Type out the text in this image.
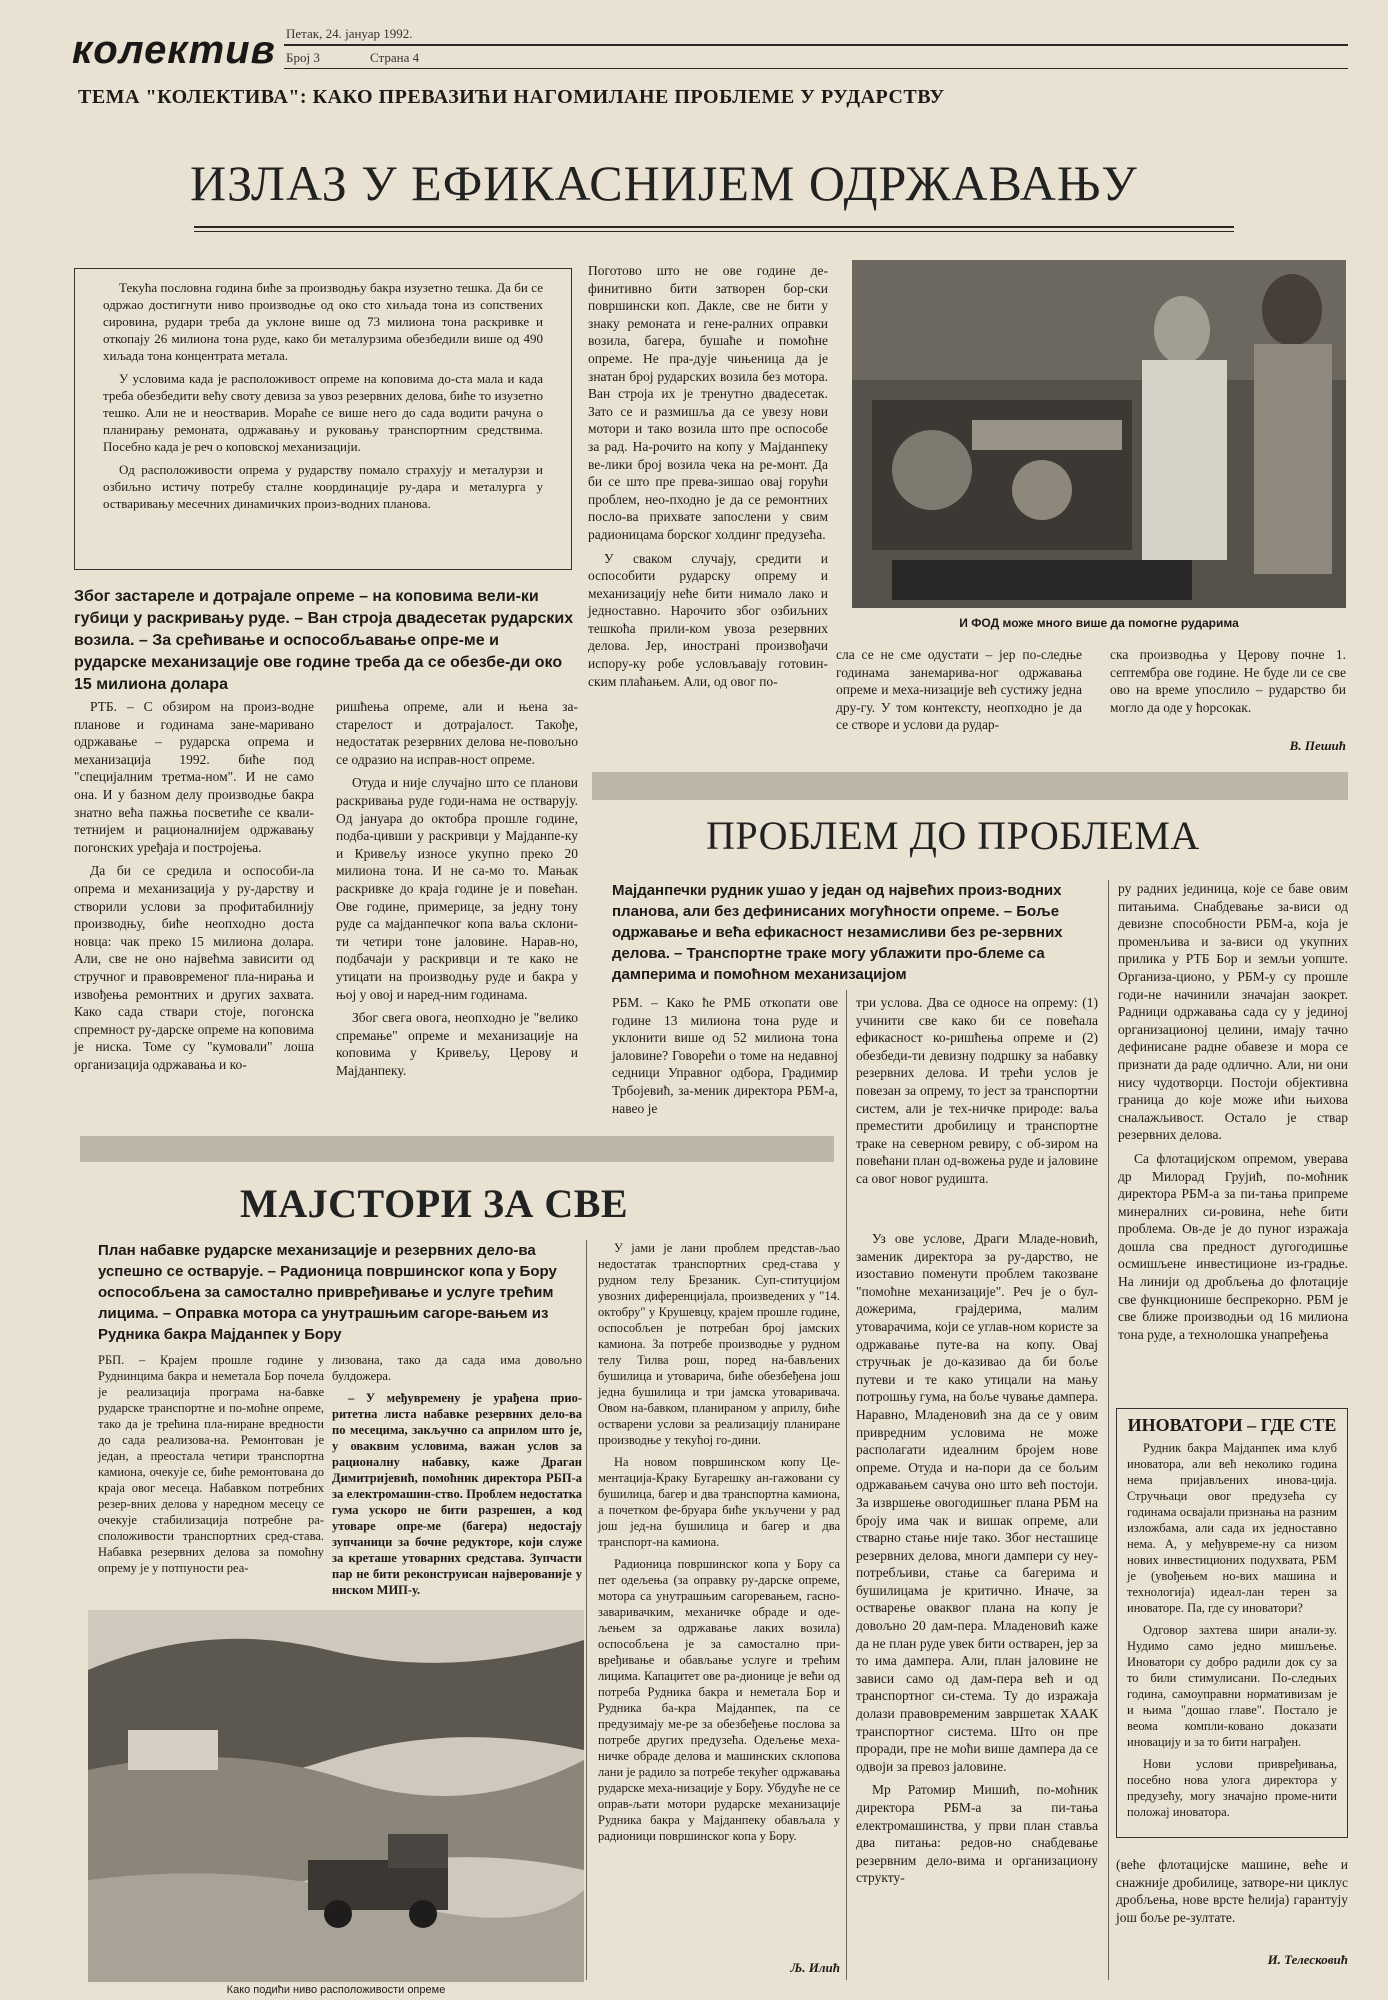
колектив Петак, 24. јануар 1992.
Број 3	Страна 4
ТЕМА "КОЛЕКТИВА": КАКО ПРЕВАЗИЋИ НАГОМИЛАНЕ ПРОБЛЕМЕ У РУДАРСТВУ
ИЗЛАЗ У ЕФИКАСНИЈЕМ ОДРЖАВАЊУ

Текућа пословна година биће за производњу бакра изузетно тешка. Да би се одржао достигнути ниво производње од око сто хиљада тона из сопствених сировина, рудари треба да уклоне више од 73 милиона тона раскривке и откопају 26 милиона тона руде, како би металурзима обезбедили више од 490 хиљада тона концентрата метала.

У условима када је расположивост опреме на коповима до-ста мала и када треба обезбедити већу своту девиза за увоз резервних делова, биће то изузетно тешко. Али не и неостварив. Мораће се више него до сада водити рачуна о планирању ремоната, одржавању и руковању транспортним средствима. Посебно када је реч о коповској механизацији.

Од расположивости опрема у рударству помало страхују и металурзи и озбиљно истичу потребу сталне координације ру-дара и металурга у остваривању месечних динамичких произ-водних планова.

Поготово што не ове године де-финитивно бити затворен бор-ски површински коп. Дакле, све не бити у знаку ремоната и гене-ралних оправки возила, багера, бушаће и помоћне опреме. Не пра-дује чињеница да је знатан број рударских возила без мотора. Ван строја их је тренутно двадесетак. Зато се и размишља да се увезу нови мотори и тако возила што пре оспособе за рад. На-рочито на копу у Мајданпеку ве-лики број возила чека на ре-монт. Да би се што пре прева-зишао овај горући проблем, нео-пходно је да се ремонтних посло-ва прихвате запослени у свим радионицама борског холдинг предузећа.

У сваком случају, средити и оспособити рударску опрему и механизацију неће бити нимало лако и једноставно. Нарочито због озбиљних тешкоћа прили-ком увоза резервних делова. Јер, иностранi произвођачи испору-ку робе условљавају готовин-ским плаћањем. Али, од овог по-

И ФОД може много више да помогне рударима
Због застареле и дотрајале опреме – на коповима вели-ки губици у раскривању руде. – Ван строја двадесетак рударских возила. – За срећивање и оспособљавање опре-ме и рударске механизације ове године треба да се обезбе-ди око 15 милиона долара

РТБ. – С обзиром на произ-водне планове и годинама зане-маривано одржавање – рударска опрема и механизација 1992. биће под "специјалним третма-ном". И не само она. И у базном делу производње бакра знатно већа пажња посветиће се квали-тетнијем и рационалнијем одржавању погонских уређаја и постројења.

Да би се средила и оспособи-ла опрема и механизација у ру-дарству и створили услови за профитабилнију производњу, биће неопходно доста новца: чак преко 15 милиона долара. Али, све не оно највећма зависити од стручног и правовременог пла-нирања и извођења ремонтних и других захвата. Како сада ствари стоје, погонска спремност ру-дарске опреме на коповима је ниска. Томе су "кумовали" лоша организација одржавања и ко-

ришћења опреме, али и њена за-старелост и дотрајалост. Такође, недостатак резервних делова не-повољно се одразио на исправ-ност опреме.

Отуда и није случајно што се планови раскривања руде годи-нама не остварују. Од јануара до октобра прошле године, подба-цивши у раскривци у Мајданпе-ку и Кривељу износе укупно преко 20 милиона тона. И не са-мо то. Мањак раскривке до краја године је и повећан. Ове године, примерице, за једну тону руде са мајданпечког копа ваља склони-ти четири тоне јаловине. Нарав-но, подбачаји у раскривци и те како не утицати на производњу руде и бакра у њој у овој и наред-ним годинама.

Због свега овога, неопходно је "велико спремање" опреме и механизације на коповима у Кривељу, Церову и Мајданпеку.

сла се не сме одустати – јер по-следње годинама занемарива-ног одржавања опреме и меха-низације већ сустижу једна дру-гу. У том контексту, неопходно је да се створе и услови да рудар-
ска производња у Церову почне 1. септембра ове године. Не буде ли се све ово на време упослило – рударство би могло да оде у ћорсокак.
В. Пешић
ПРОБЛЕМ ДО ПРОБЛЕМА
Мајданпечки рудник ушао у један од највећих произ-водних планова, али без дефинисаних могућности опреме. – Боље одржавање и већа ефикасност незамисливи без ре-зервних делова. – Транспортне траке могу ублажити про-блеме са дамперима и помоћном механизацијом
РБМ. – Како ће РМБ откопати ове године 13 милиона тона руде и уклонити више од 52 милиона тона јаловине? Говорећи о томе на недавној седници Управног одбора, Градимир Трбојевић, за-меник директора РБМ-а, навео је
три услова. Два се односе на опрему: (1) учинити све како би се повећала ефикасност ко-ришћења опреме и (2) обезбеди-ти девизну подршку за набавку резервних делова. И трећи услов је повезан за опрему, то јест за транспортни систем, али је тех-ничке природе: ваља преместити дробилицу и транспортне траке на северном ревиру, с об-зиром на повећани план од-вожења руде и јаловине са овог новог рудишта.

Уз ове услове, Драги Младе-новић, заменик директора за ру-дарство, не изоставио поменути проблем такозване "помоћне механизације". Реч је о бул-дожерима, грајдерима, малим утоварачима, који се углав-ном користе за одржавање путе-ва на копу. Овај стручњак је до-казивао да би боље путеви и те како утицали на мању потрошњу гума, на боље чување дампера. Наравно, Младеновић зна да се у овим привредним условима не може располагати идеалним бројем нове опреме. Отуда и на-пори да се бољим одржавањем сачува оно што већ постоји. За извршење овогодишњег плана РБМ на броју има чак и вишак опреме, али стварно стање није тако. Због несташице резервних делова, многи дампери су неу-потребљиви, стање са багерима и бушилицама је критично. Иначе, за остварење оваквог плана на копу је довољно 20 дам-пера. Младеновић каже да не план руде увек бити остварен, јер за то има дампера. Али, план јаловине не зависи само од дам-пера већ и од транспортног си-стема. Ту до изражаја долази правовременим завршетак ХААК транспортног система. Што он пре проради, пре не моћи више дампера да се одвоји за превоз јаловине.

Мр Ратомир Мишић, по-моћник директора РБМ-а за пи-тања електромашинства, у први план ставља два питања: редов-но снабдевање резервним дело-вима и организациону структу-

ру радних јединица, које се баве овим питањима. Снабдевање за-виси од девизне способности РБМ-а, која је променљива и за-виси од укупних прилика у РТБ Бор и земљи уопште. Организа-ционо, у РБМ-у су прошле годи-не начинили значајан заокрет. Радници одржавања сада су у јединој организационој целини, имају тачно дефинисане радне обавезе и мора се признати да раде одлично. Али, ни они нису чудотворци. Постоји објективна граница до које може ићи њихова сналажљивост. Остало је ствар резервних делова.

Са флотацијском опремом, уверава др Милорад Грујић, по-моћник директора РБМ-а за пи-тања припреме минералних си-ровина, неће бити проблема. Ов-де је до пуног изражаја дошла сва предност дугогодишње осмишљене инвестиционе из-градње. На линији од дробљења до флотације све функционише беспрекорно. РБМ је све ближе производњи од 16 милиона тона руде, а технолошка унапређења

ИНОВАТОРИ – ГДЕ СТЕ

Рудник бакра Мајданпек има клуб иноватора, али већ неколико година нема пријављених инова-ција. Стручњаци овог предузећа су годинама освајали признања на разним изложбама, али сада их једноставно нема. А, у међувреме-ну са низом нових инвестиционих подухвата, РБМ је (увођењем но-вих машина и технологија) идеал-лан терен за иноваторе. Па, где су иноватори?

Одговор захтева шири анали-зу. Нудимо само једно мишљење. Иноватори су добро радили док су за то били стимулисани. По-следњих година, самоуправни нормативизам је и њима "дошао главе". Постало је веома компли-ковано доказати иновацију и за то бити награђен.

Нови услови привређивања, посебно нова улога директора у предузећу, могу значајно проме-нити положај иноватора.

(веће флотацијске машине, веће и снажније дробилице, затворе-ни циклус дробљења, нове врсте ћелија) гарантују још боље ре-зултате.
И. Телесковић
МАЈСТОРИ ЗА СВЕ
План набавке рударске механизације и резервних дело-ва успешно се остварује. – Радионица површинског копа у Бору оспособљена за самостално привређивање и услуге трећим лицима. – Оправка мотора са унутрашњим сагоре-вањем из Рудника бакра Мајданпек у Бору
РБП. – Крајем прошле године у Руднинцима бакра и неметала Бор почела је реализација програма на-бавке рударске транспортне и по-моћне опреме, тако да је трећина пла-ниране вредности до сада реализова-на. Ремонтован је један, а преостала четири транспортна камиона, очекује се, биће ремонтована до краја овог месеца. Набавком потребних резер-вних делова у наредном месецу се очекује стабилизација потребне ра-сположивости транспортних сред-става. Набавка резервних делова за помоћну опрему је у потпуности реа-

лизована, тако да сада има довољно булдожера.

– У међувремену је урађена прио-ритетна листа набавке резервних дело-ва по месецима, закључно са априлом што је, у оваквим условима, важан услов за рационалну набавку, каже Драган Димитријевић, помоћник директора РБП-а за електромашин-ство. Проблем недостатка гума ускоро не бити разрешен, а код утоваре опре-ме (багера) недостају зупчаници за бочне редукторе, који служе за креташе утоварних средстава. Зупчасти пар не бити реконструисан најверованије у ниском МИП-у.

У јами је лани проблем представ-љао недостатак транспортних сред-става у рудном телу Брезаник. Суп-ституцијом увозних диференцијала, произведених у "14. октобру" у Крушевцу, крајем прошле године, оспособљен је потребан број јамских камиона. За потребе производње у рудном телу Тилва рош, поред на-бављених бушилица и утоварича, биће обезбеђена још једна бушилица и три јамска утоваривача. Овом на-бавком, планираном у априлу, биће остварени услови за реализацију планиране производње у текућој го-дини.

На новом површинском копу Це-ментација-Краку Бугарешку ан-гажовани су бушилица, багер и два транспортна камиона, а почетком фе-бруара биће укључени у рад још јед-на бушилица и багер и два транспорт-на камиона.

Радионица површинског копа у Бору са пет одељења (за оправку ру-дарске опреме, мотора са унутрашњим сагоревањем, гасно-заваривачким, механичке обраде и оде-љењем за одржавање лаких возила) оспособљена је за самостално при-вређивање и обављање услуге и трећим лицима. Капацитет ове ра-дионице је већи од потреба Рудника бакра и неметала Бор и Рудника ба-кра Мајданпек, па се предузимају ме-ре за обезбеђење послова за потребе других предузећа. Одељење меха-ничке обраде делова и машинских склопова лани је радило за потребе текућег одржавања рударске меха-низације у Бору. Убудуће не се оправ-љати мотори рударске механизације Рудника бакра у Мајданпеку обављала у радионици површинског копа у Бору.

Љ. Илић
Како подићи ниво расположивости опреме
